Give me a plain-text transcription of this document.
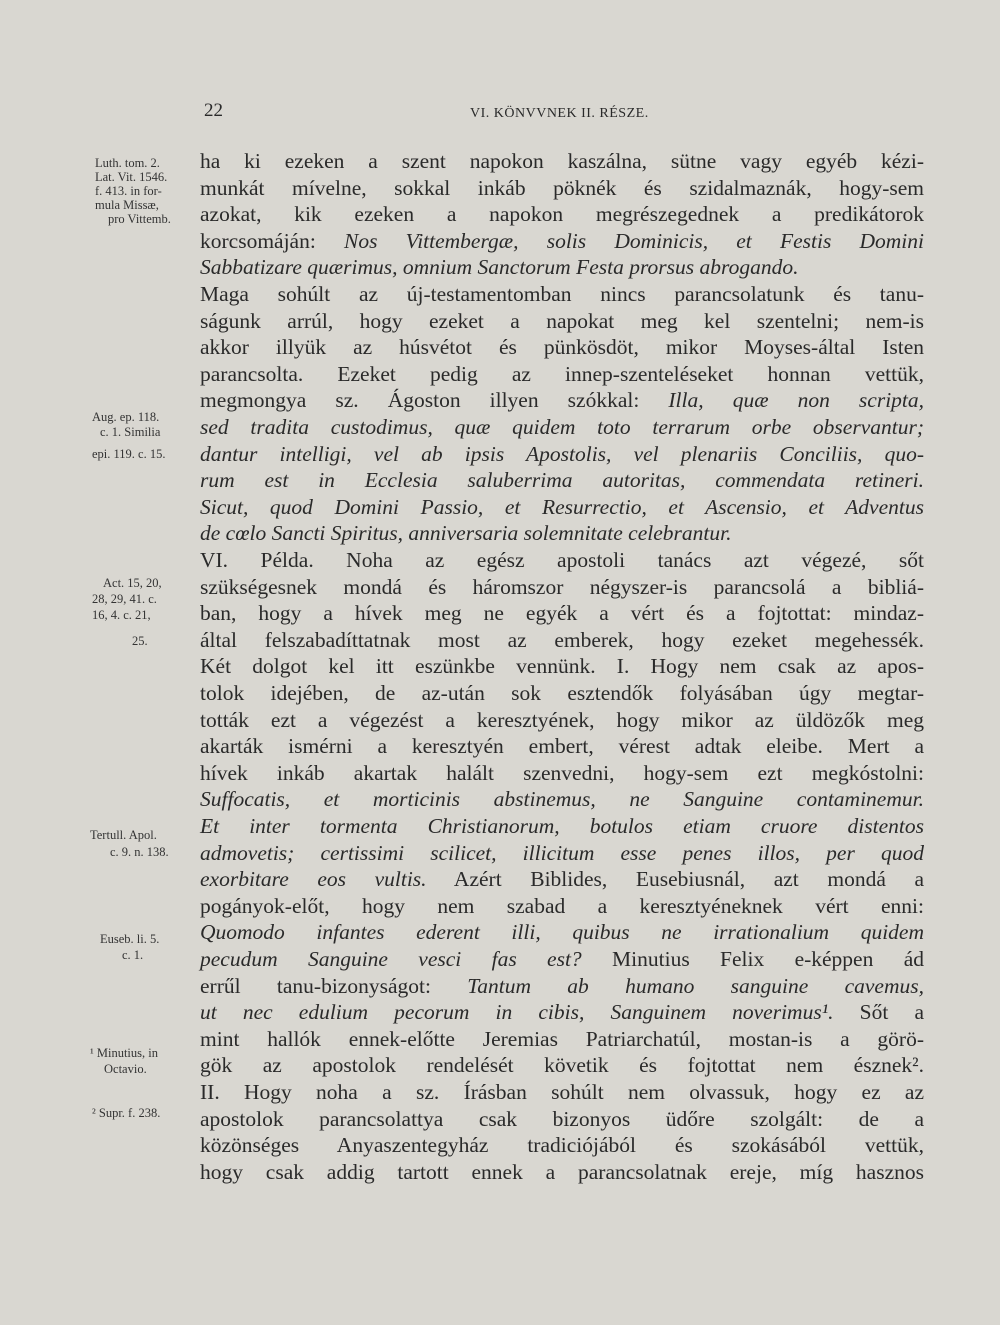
22	VI. KÖNVVNEK II. RÉSZE.
Luth. tom. 2.
Lat. Vit. 1546.
f. 413. in for-
mula Missæ,
pro Vittemb.
Aug. ep. 118.
c. 1. Similia
epi. 119. c. 15.
Act. 15, 20,
28, 29, 41. c.
16, 4. c. 21,
25.
Tertull. Apol.
c. 9. n. 138.
Euseb. li. 5.
c. 1.
¹ Minutius, in
Octavio.
² Supr. f. 238.
ha ki ezeken a szent napokon kaszálna, sütne vagy egyéb kézi-
munkát mívelne, sokkal inkáb pöknék és szidalmaznák, hogy-sem
azokat, kik ezeken a napokon megrészegednek a predikátorok
korcsomáján: Nos Vittembergæ, solis Dominicis, et Festis Domini
Sabbatizare quærimus, omnium Sanctorum Festa prorsus abrogando.
Maga sohúlt az új-testamentomban nincs parancsolatunk és tanu-
ságunk arrúl, hogy ezeket a napokat meg kel szentelni; nem-is
akkor illyük az húsvétot és pünkösdöt, mikor Moyses-által Isten
parancsolta. Ezeket pedig az innep-szenteléseket honnan vettük,
megmongya sz. Ágoston illyen szókkal: Illa, quæ non scripta,
sed tradita custodimus, quæ quidem toto terrarum orbe observantur;
dantur intelligi, vel ab ipsis Apostolis, vel plenariis Conciliis, quo-
rum est in Ecclesia saluberrima autoritas, commendata retineri.
Sicut, quod Domini Passio, et Resurrectio, et Ascensio, et Adventus
de cœlo Sancti Spiritus, anniversaria solemnitate celebrantur.
VI. Példa. Noha az egész apostoli tanács azt végezé, sőt
szükségesnek mondá és háromszor négyszer-is parancsolá a bibliá-
ban, hogy a hívek meg ne egyék a vért és a fojtottat: mindaz-
által felszabadíttatnak most az emberek, hogy ezeket megehessék.
Két dolgot kel itt eszünkbe vennünk. I. Hogy nem csak az apos-
tolok idejében, de az-után sok esztendők folyásában úgy megtar-
tották ezt a végezést a keresztyének, hogy mikor az üldözők meg
akarták ismérni a keresztyén embert, vérest adtak eleibe. Mert a
hívek inkáb akartak halált szenvedni, hogy-sem ezt megkóstolni:
Suffocatis, et morticinis abstinemus, ne Sanguine contaminemur.
Et inter tormenta Christianorum, botulos etiam cruore distentos
admovetis; certissimi scilicet, illicitum esse penes illos, per quod
exorbitare eos vultis. Azért Biblides, Eusebiusnál, azt mondá a
pogányok-előt, hogy nem szabad a keresztyéneknek vért enni:
Quomodo infantes ederent illi, quibus ne irrationalium quidem
pecudum Sanguine vesci fas est? Minutius Felix e-képpen ád
errűl tanu-bizonyságot: Tantum ab humano sanguine cavemus,
ut nec edulium pecorum in cibis, Sanguinem noverimus¹. Sőt a
mint hallók ennek-előtte Jeremias Patriarchatúl, mostan-is a görö-
gök az apostolok rendelését követik és fojtottat nem észnek².
II. Hogy noha a sz. Írásban sohúlt nem olvassuk, hogy ez az
apostolok parancsolattya csak bizonyos üdőre szolgált: de a
közönséges Anyaszentegyház tradiciójából és szokásából vettük,
hogy csak addig tartott ennek a parancsolatnak ereje, míg hasznos
